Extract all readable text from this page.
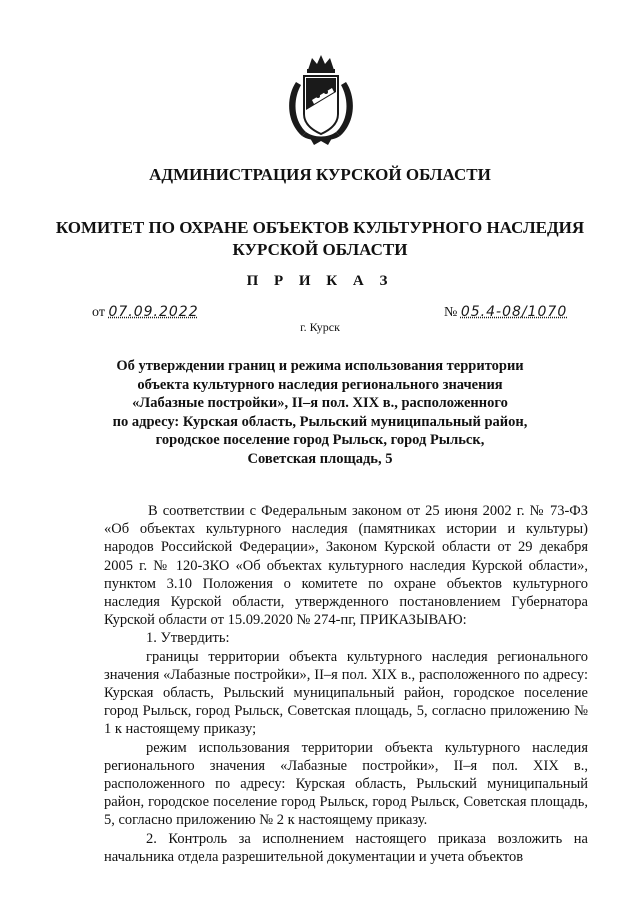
АДМИНИСТРАЦИЯ КУРСКОЙ ОБЛАСТИ
КОМИТЕТ ПО ОХРАНЕ ОБЪЕКТОВ КУЛЬТУРНОГО НАСЛЕДИЯ
КУРСКОЙ ОБЛАСТИ
П Р И К А З
от 07.09.2022	№ 05.4-08/1070
г. Курск
Об утверждении границ и режима использования территории
объекта культурного наследия регионального значения
«Лабазные постройки», II–я пол. XIX в., расположенного
по адресу: Курская область, Рыльский муниципальный район,
городское поселение город Рыльск, город Рыльск,
Советская площадь, 5

В соответствии с Федеральным законом от 25 июня 2002 г. № 73-ФЗ «Об объектах культурного наследия (памятниках истории и культуры) народов Российской Федерации», Законом Курской области от 29 декабря 2005 г. № 120-ЗКО «Об объектах культурного наследия Курской области», пунктом 3.10 Положения о комитете по охране объектов культурного наследия Курской области, утвержденного постановлением Губернатора Курской области от 15.09.2020 № 274-пг, ПРИКАЗЫВАЮ:

1. Утвердить:

границы территории объекта культурного наследия регионального значения «Лабазные постройки», II–я пол. XIX в., расположенного по адресу: Курская область, Рыльский муниципальный район, городское поселение город Рыльск, город Рыльск, Советская площадь, 5, согласно приложению № 1 к настоящему приказу;

режим использования территории объекта культурного наследия регионального значения «Лабазные постройки», II–я пол. XIX в., расположенного по адресу: Курская область, Рыльский муниципальный район, городское поселение город Рыльск, город Рыльск, Советская площадь, 5, согласно приложению № 2 к настоящему приказу.

2. Контроль за исполнением настоящего приказа возложить на начальника отдела разрешительной документации и учета объектов
